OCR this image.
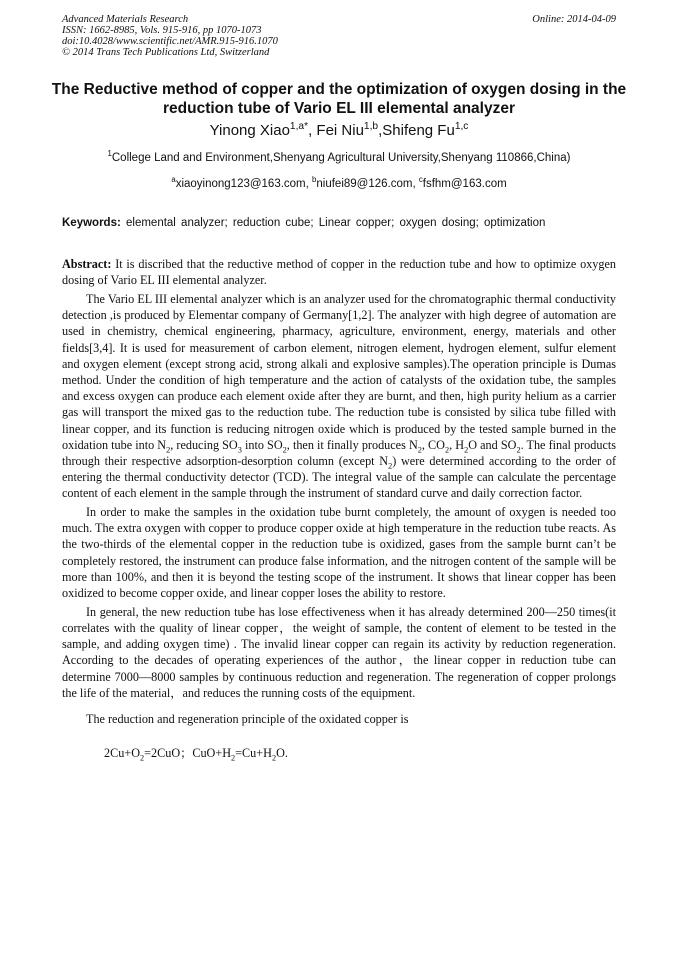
Advanced Materials Research
ISSN: 1662-8985, Vols. 915-916, pp 1070-1073
doi:10.4028/www.scientific.net/AMR.915-916.1070
© 2014 Trans Tech Publications Ltd, Switzerland
Online: 2014-04-09
The Reductive method of copper and the optimization of oxygen dosing in the reduction tube of Vario EL III elemental analyzer
Yinong Xiao$^{1,a*}$, Fei Niu$^{1,b}$,Shifeng Fu$^{1,c}$
$^1$College Land and Environment,Shenyang Agricultural University,Shenyang 110866,China)
$^a$xiaoyinong123@163.com, $^b$niufei89@126.com, $^c$fsfhm@163.com
Keywords: elemental analyzer; reduction cube; Linear copper; oxygen dosing; optimization

Abstract: It is discribed that the reductive method of copper in the reduction tube and how to optimize oxygen dosing of Vario EL III elemental analyzer.

The Vario EL III elemental analyzer which is an analyzer used for the chromatographic thermal conductivity detection ,is produced by Elementar company of Germany[1,2]. The analyzer with high degree of automation are used in chemistry, chemical engineering, pharmacy, agriculture, environment, energy, materials and other fields[3,4]. It is used for measurement of carbon element, nitrogen element, hydrogen element, sulfur element and oxygen element (except strong acid, strong alkali and explosive samples).The operation principle is Dumas method. Under the condition of high temperature and the action of catalysts of the oxidation tube, the samples and excess oxygen can produce each element oxide after they are burnt, and then, high purity helium as a carrier gas will transport the mixed gas to the reduction tube. The reduction tube is consisted by silica tube filled with linear copper, and its function is reducing nitrogen oxide which is produced by the tested sample burned in the oxidation tube into $N_2$, reducing $SO_3$ into $SO_2$, then it finally produces $N_2$, $CO_2$, $H_2O$ and $SO_2$. The final products through their respective adsorption-desorption column (except $N_2$) were determined according to the order of entering the thermal conductivity detector (TCD). The integral value of the sample can calculate the percentage content of each element in the sample through the instrument of standard curve and daily correction factor.

In order to make the samples in the oxidation tube burnt completely, the amount of oxygen is needed too much. The extra oxygen with copper to produce copper oxide at high temperature in the reduction tube reacts. As the two-thirds of the elemental copper in the reduction tube is oxidized, gases from the sample burnt can’t be completely restored, the instrument can produce false information, and the nitrogen content of the sample will be more than 100%, and then it is beyond the testing scope of the instrument. It shows that linear copper has been oxidized to become copper oxide, and linear copper loses the ability to restore.

In general, the new reduction tube has lose effectiveness when it has already determined 200—250 times(it correlates with the quality of linear copper，the weight of sample, the content of element to be tested in the sample, and adding oxygen time) . The invalid linear copper can regain its activity by reduction regeneration. According to the decades of operating experiences of the author，the linear copper in reduction tube can determine 7000—8000 samples by continuous reduction and regeneration. The regeneration of copper prolongs the life of the material，and reduces the running costs of the equipment.

The reduction and regeneration principle of the oxidated copper is

$2Cu+O_2=2CuO$；$CuO+H_2=Cu+H_2O$.
